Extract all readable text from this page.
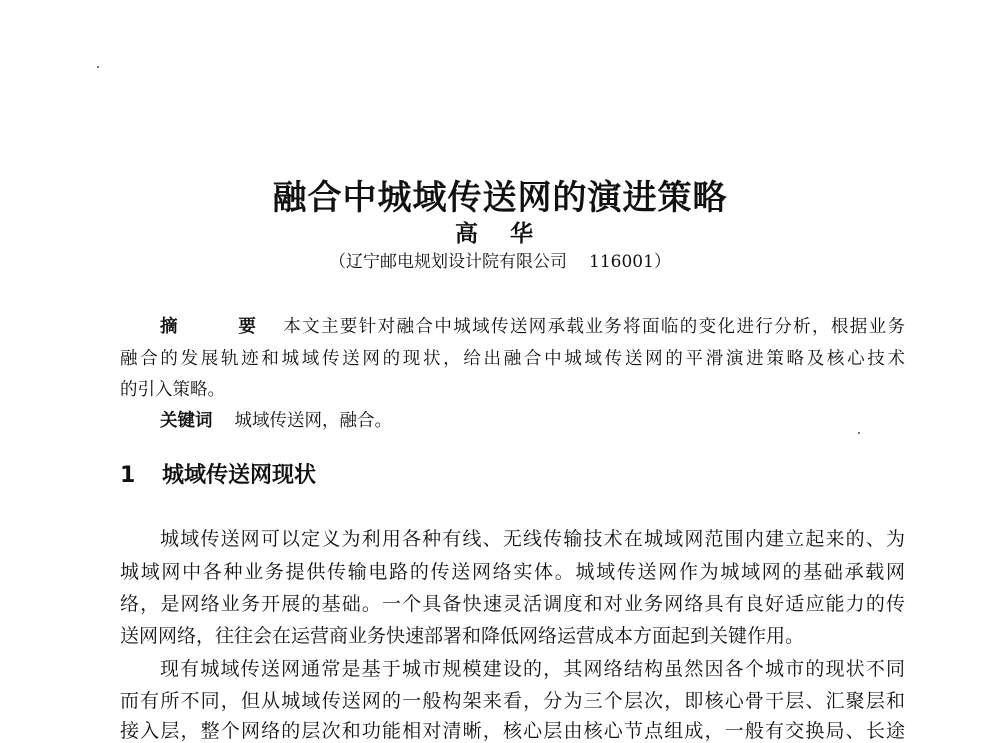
融合中城域传送网的演进策略
高 华
（辽宁邮电规划设计院有限公司 116001）
摘 要本文主要针对融合中城域传送网承载业务将面临的变化进行分析，根据业务
融合的发展轨迹和城域传送网的现状，给出融合中城域传送网的平滑演进策略及核心技术
的引入策略。
关键词 城域传送网，融合。
1 城域传送网现状
城域传送网可以定义为利用各种有线、无线传输技术在城域网范围内建立起来的、为
城域网中各种业务提供传输电路的传送网络实体。城域传送网作为城域网的基础承载网
络，是网络业务开展的基础。一个具备快速灵活调度和对业务网络具有良好适应能力的传
送网网络，往往会在运营商业务快速部署和降低网络运营成本方面起到关键作用。
现有城域传送网通常是基于城市规模建设的，其网络结构虽然因各个城市的现状不同
而有所不同，但从城域传送网的一般构架来看，分为三个层次，即核心骨干层、汇聚层和
接入层，整个网络的层次和功能相对清晰，核心层由核心节点组成，一般有交换局、长途
